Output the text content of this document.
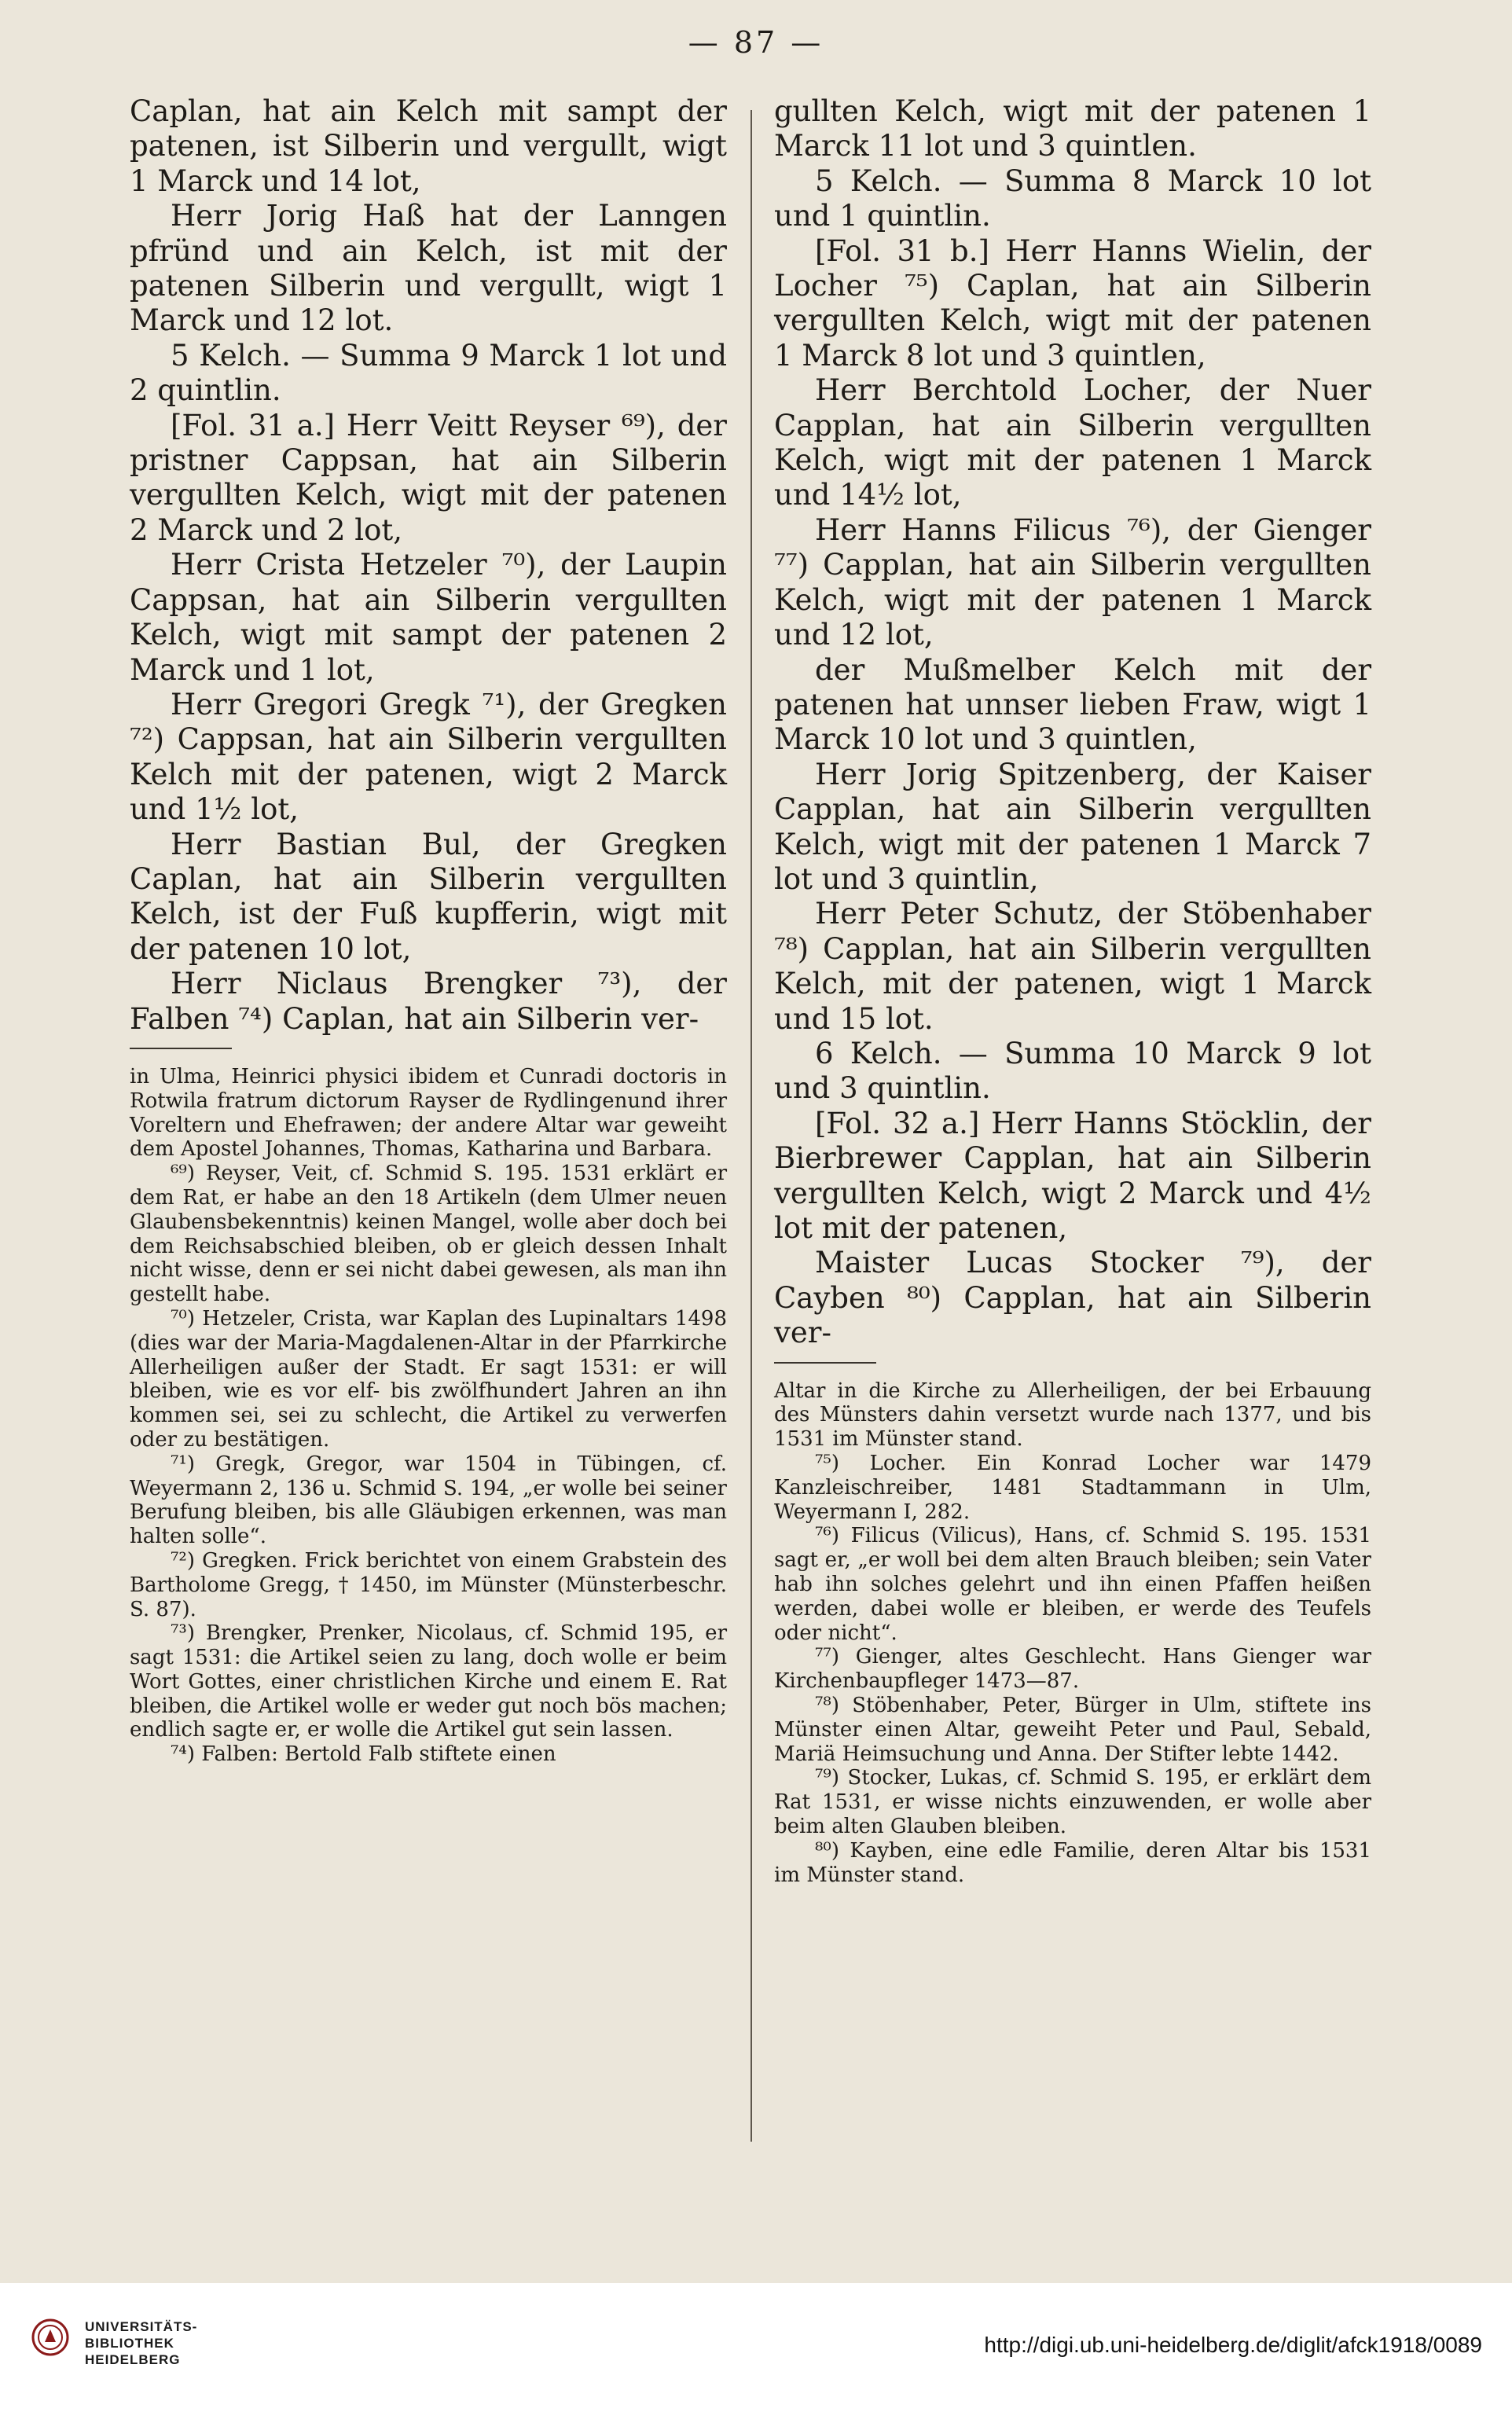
— 87 —

Caplan, hat ain Kelch mit sampt der patenen, ist Silberin und vergullt, wigt 1 Marck und 14 lot,

Herr Jorig Haß hat der Lanngen pfründ und ain Kelch, ist mit der patenen Silberin und vergullt, wigt 1 Marck und 12 lot.

5 Kelch. — Summa 9 Marck 1 lot und 2 quintlin.

[Fol. 31 a.] Herr Veitt Reyser ⁶⁹), der pristner Cappsan, hat ain Silberin vergullten Kelch, wigt mit der patenen 2 Marck und 2 lot,

Herr Crista Hetzeler ⁷⁰), der Laupin Cappsan, hat ain Silberin vergullten Kelch, wigt mit sampt der patenen 2 Marck und 1 lot,

Herr Gregori Gregk ⁷¹), der Gregken ⁷²) Cappsan, hat ain Silberin vergullten Kelch mit der patenen, wigt 2 Marck und 1½ lot,

Herr Bastian Bul, der Gregken Caplan, hat ain Silberin vergullten Kelch, ist der Fuß kupfferin, wigt mit der patenen 10 lot,

Herr Niclaus Brengker ⁷³), der Falben ⁷⁴) Caplan, hat ain Silberin ver-

in Ulma, Heinrici physici ibidem et Cunradi doctoris in Rotwila fratrum dictorum Rayser de Rydlingenund ihrer Voreltern und Ehefrawen; der andere Altar war geweiht dem Apostel Johannes, Thomas, Katharina und Barbara.

⁶⁹) Reyser, Veit, cf. Schmid S. 195. 1531 erklärt er dem Rat, er habe an den 18 Artikeln (dem Ulmer neuen Glaubensbekenntnis) keinen Mangel, wolle aber doch bei dem Reichsabschied bleiben, ob er gleich dessen Inhalt nicht wisse, denn er sei nicht dabei gewesen, als man ihn gestellt habe.

⁷⁰) Hetzeler, Crista, war Kaplan des Lupinaltars 1498 (dies war der Maria-Magdalenen-Altar in der Pfarrkirche Allerheiligen außer der Stadt. Er sagt 1531: er will bleiben, wie es vor elf- bis zwölfhundert Jahren an ihn kommen sei, sei zu schlecht, die Artikel zu verwerfen oder zu bestätigen.

⁷¹) Gregk, Gregor, war 1504 in Tübingen, cf. Weyermann 2, 136 u. Schmid S. 194, „er wolle bei seiner Berufung bleiben, bis alle Gläubigen erkennen, was man halten solle“.

⁷²) Gregken. Frick berichtet von einem Grabstein des Bartholome Gregg, † 1450, im Münster (Münsterbeschr. S. 87).

⁷³) Brengker, Prenker, Nicolaus, cf. Schmid 195, er sagt 1531: die Artikel seien zu lang, doch wolle er beim Wort Gottes, einer christlichen Kirche und einem E. Rat bleiben, die Artikel wolle er weder gut noch bös machen; endlich sagte er, er wolle die Artikel gut sein lassen.

⁷⁴) Falben: Bertold Falb stiftete einen

gullten Kelch, wigt mit der patenen 1 Marck 11 lot und 3 quintlen.

5 Kelch. — Summa 8 Marck 10 lot und 1 quintlin.

[Fol. 31 b.] Herr Hanns Wielin, der Locher ⁷⁵) Caplan, hat ain Silberin vergullten Kelch, wigt mit der patenen 1 Marck 8 lot und 3 quintlen,

Herr Berchtold Locher, der Nuer Capplan, hat ain Silberin vergullten Kelch, wigt mit der patenen 1 Marck und 14½ lot,

Herr Hanns Filicus ⁷⁶), der Gienger ⁷⁷) Capplan, hat ain Silberin vergullten Kelch, wigt mit der patenen 1 Marck und 12 lot,

der Mußmelber Kelch mit der patenen hat unnser lieben Fraw, wigt 1 Marck 10 lot und 3 quintlen,

Herr Jorig Spitzenberg, der Kaiser Capplan, hat ain Silberin vergullten Kelch, wigt mit der patenen 1 Marck 7 lot und 3 quintlin,

Herr Peter Schutz, der Stöbenhaber ⁷⁸) Capplan, hat ain Silberin vergullten Kelch, mit der patenen, wigt 1 Marck und 15 lot.

6 Kelch. — Summa 10 Marck 9 lot und 3 quintlin.

[Fol. 32 a.] Herr Hanns Stöcklin, der Bierbrewer Capplan, hat ain Silberin vergullten Kelch, wigt 2 Marck und 4½ lot mit der patenen,

Maister Lucas Stocker ⁷⁹), der Cayben ⁸⁰) Capplan, hat ain Silberin ver-

Altar in die Kirche zu Allerheiligen, der bei Erbauung des Münsters dahin versetzt wurde nach 1377, und bis 1531 im Münster stand.

⁷⁵) Locher. Ein Konrad Locher war 1479 Kanzleischreiber, 1481 Stadtammann in Ulm, Weyermann I, 282.

⁷⁶) Filicus (Vilicus), Hans, cf. Schmid S. 195. 1531 sagt er, „er woll bei dem alten Brauch bleiben; sein Vater hab ihn solches gelehrt und ihn einen Pfaffen heißen werden, dabei wolle er bleiben, er werde des Teufels oder nicht“.

⁷⁷) Gienger, altes Geschlecht. Hans Gienger war Kirchenbaupfleger 1473—87.

⁷⁸) Stöbenhaber, Peter, Bürger in Ulm, stiftete ins Münster einen Altar, geweiht Peter und Paul, Sebald, Mariä Heimsuchung und Anna. Der Stifter lebte 1442.

⁷⁹) Stocker, Lukas, cf. Schmid S. 195, er erklärt dem Rat 1531, er wisse nichts einzuwenden, er wolle aber beim alten Glauben bleiben.

⁸⁰) Kayben, eine edle Familie, deren Altar bis 1531 im Münster stand.

UNIVERSITÄTS-
BIBLIOTHEK
HEIDELBERG
http://digi.ub.uni-heidelberg.de/diglit/afck1918/0089
